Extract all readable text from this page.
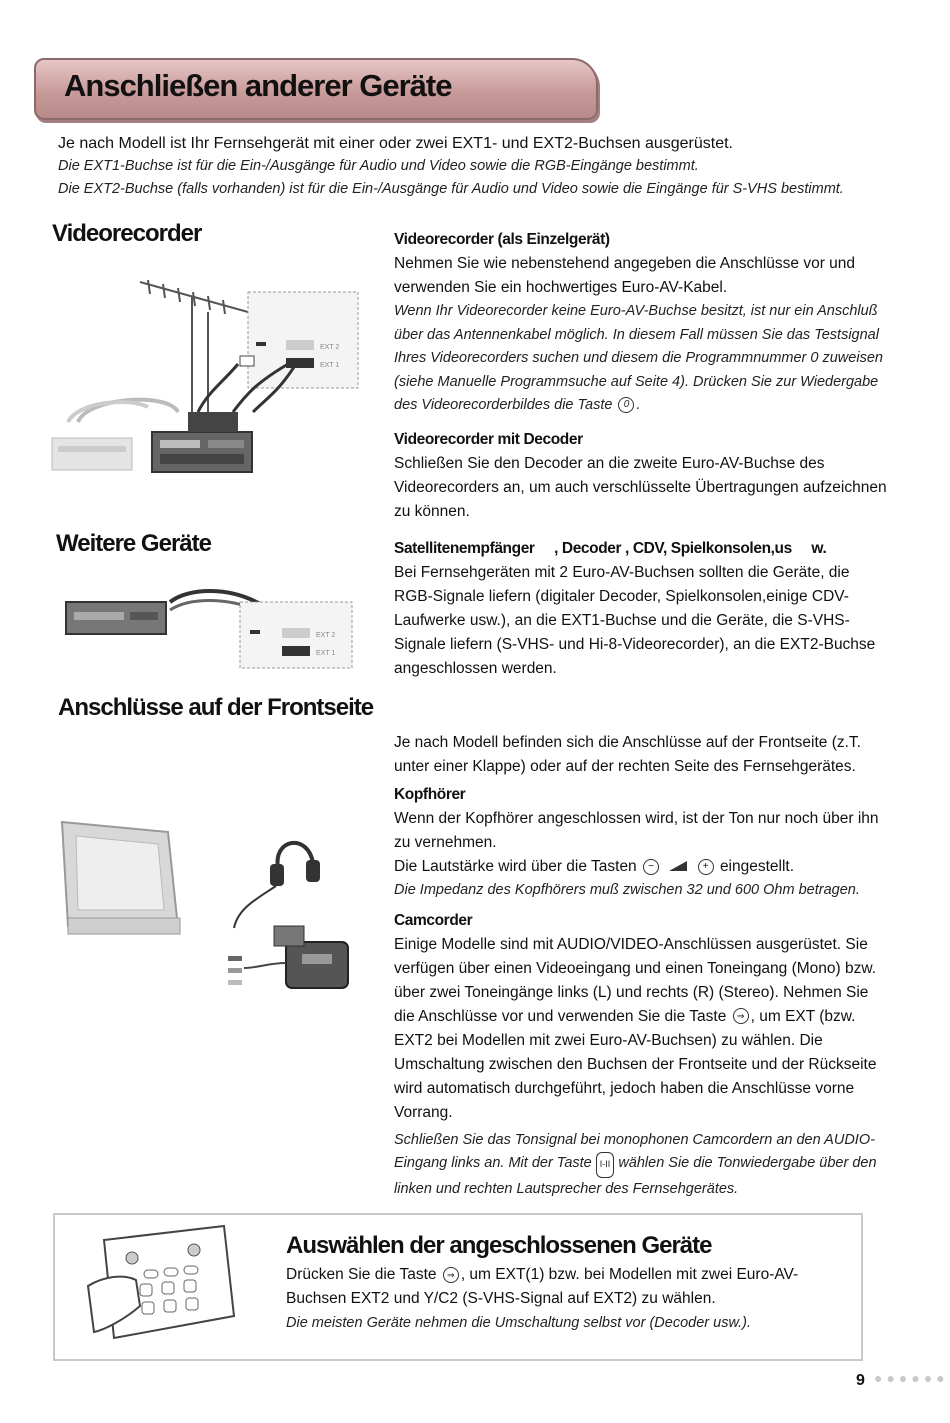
Anschließen anderer Geräte
Je nach Modell ist Ihr Fernsehgerät mit einer oder zwei EXT1- und EXT2-Buchsen ausgerüstet.
Die EXT1-Buchse ist für die Ein-/Ausgänge für Audio und Video sowie die RGB-Eingänge bestimmt.
Die EXT2-Buchse (falls vorhanden) ist für die Ein-/Ausgänge für Audio und Video sowie die Eingänge für S-VHS bestimmt.
Videorecorder
EXT 2
EXT 1

Videorecorder (als Einzelgerät)

Nehmen Sie wie nebenstehend angegeben die Anschlüsse vor und verwenden Sie ein hochwertiges Euro-AV-Kabel.

Wenn Ihr Videorecorder keine Euro-AV-Buchse besitzt, ist nur ein Anschluß über das Antennenkabel möglich. In diesem Fall müssen Sie das Testsignal Ihres Videorecorders suchen und diesem die Programmnummer 0 zuweisen (siehe Manuelle Programmsuche auf Seite 4). Drücken Sie zur Wiedergabe des Videorecorderbildes die Taste 0 .

Videorecorder mit Decoder

Schließen Sie den Decoder an die zweite Euro-AV-Buchse des Videorecorders an, um auch verschlüsselte Übertragungen aufzeichnen zu können.

Weitere Geräte
EXT 2
EXT 1

Satellitenempfänger     , Decoder , CDV, Spielkonsolen,us     w.

Bei Fernsehgeräten mit 2 Euro-AV-Buchsen sollten die Geräte, die RGB-Signale liefern (digitaler Decoder, Spielkonsolen,einige CDV-Laufwerke usw.), an die EXT1-Buchse und die Geräte, die S-VHS-Signale liefern (S-VHS- und Hi-8-Videorecorder), an die EXT2-Buchse angeschlossen werden.

Anschlüsse auf der Frontseite

Je nach Modell befinden sich die Anschlüsse auf der Frontseite (z.T. unter einer Klappe) oder auf der rechten Seite des Fernsehgerätes.

Kopfhörer

Wenn der Kopfhörer angeschlossen wird, ist der Ton nur noch über ihn zu vernehmen.

Die Lautstärke wird über die Tasten −	+ eingestellt.

Die Impedanz des Kopfhörers muß zwischen 32 und 600 Ohm betragen.

Camcorder

Einige Modelle sind mit AUDIO/VIDEO-Anschlüssen ausgerüstet. Sie verfügen über einen Videoeingang und einen Toneingang (Mono) bzw. über zwei Toneingänge links (L) und rechts (R) (Stereo). Nehmen Sie die Anschlüsse vor und verwenden Sie die Taste ⇒ , um EXT (bzw. EXT2 bei Modellen mit zwei Euro-AV-Buchsen) zu wählen. Die Umschaltung zwischen den Buchsen der Frontseite und der Rückseite wird automatisch durchgeführt, jedoch haben die Anschlüsse vorne Vorrang.

Schließen Sie das Tonsignal bei monophonen Camcordern an den AUDIO-Eingang links an. Mit der Taste I-II wählen Sie die Tonwiedergabe über den linken und rechten Lautsprecher des Fernsehgerätes.

Auswählen der angeschlossenen Geräte
Drücken Sie die Taste ⇒ , um EXT(1) bzw. bei Modellen mit zwei Euro-AV-Buchsen EXT2 und Y/C2 (S-VHS-Signal auf EXT2) zu wählen.
Die meisten Geräte nehmen die Umschaltung selbst vor (Decoder usw.).
9 ●●●●●●
